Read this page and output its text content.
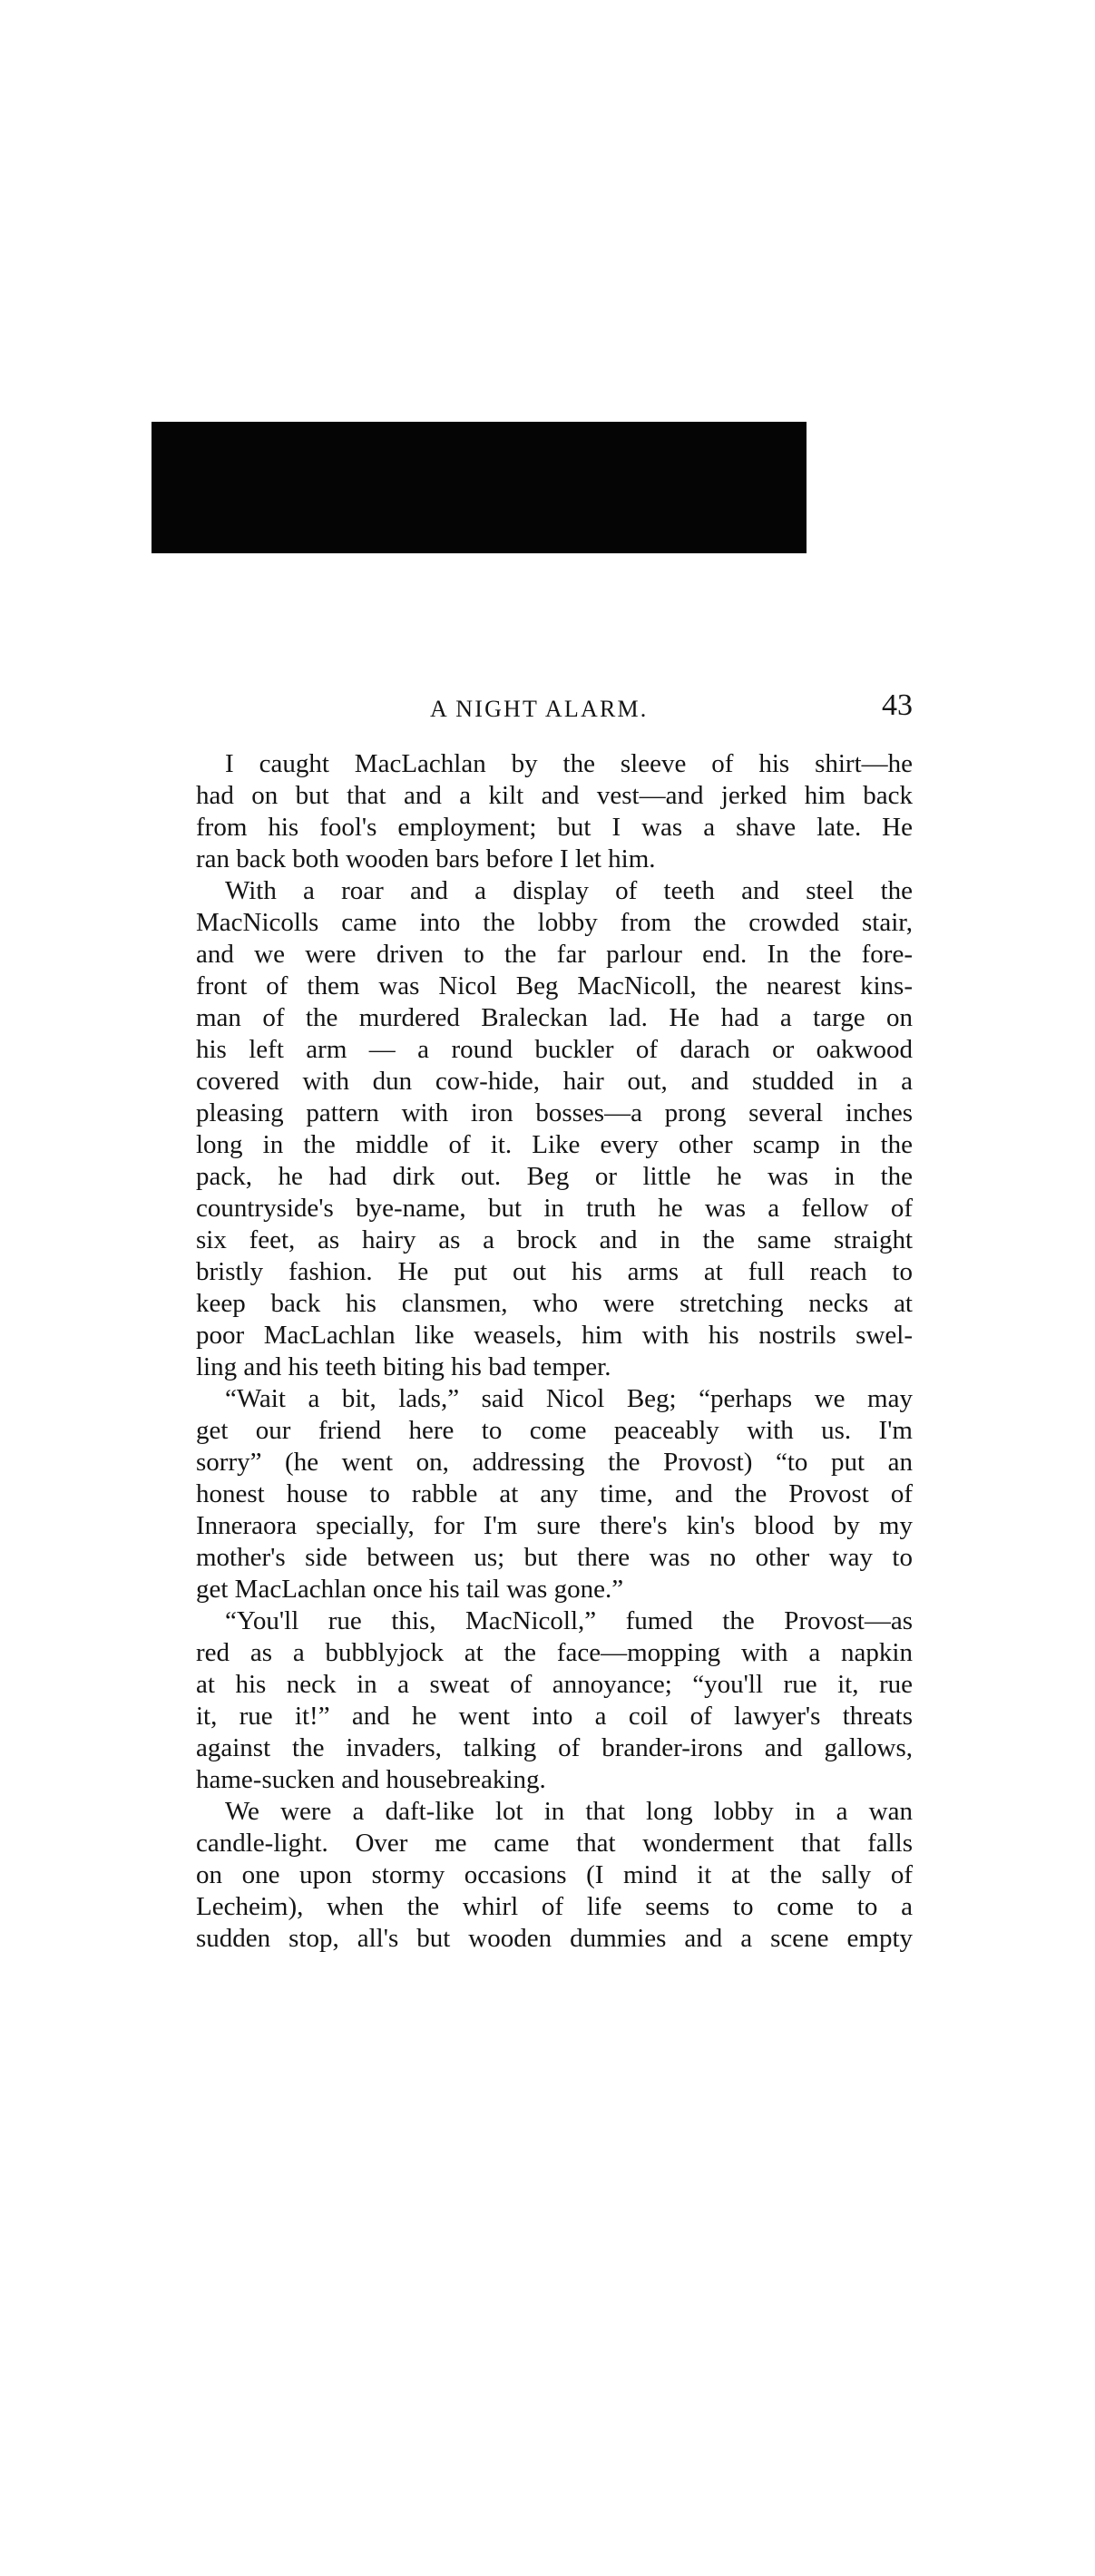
A NIGHT ALARM.	43

I caught MacLachlan by the sleeve of his shirt—he
had on but that and a kilt and vest—and jerked him back
from his fool's employment; but I was a shave late. He
ran back both wooden bars before I let him.

With a roar and a display of teeth and steel the
MacNicolls came into the lobby from the crowded stair,
and we were driven to the far parlour end. In the fore-
front of them was Nicol Beg MacNicoll, the nearest kins-
man of the murdered Braleckan lad. He had a targe on
his left arm — a round buckler of darach or oakwood
covered with dun cow-hide, hair out, and studded in a
pleasing pattern with iron bosses—a prong several inches
long in the middle of it. Like every other scamp in the
pack, he had dirk out. Beg or little he was in the
countryside's bye-name, but in truth he was a fellow of
six feet, as hairy as a brock and in the same straight
bristly fashion. He put out his arms at full reach to
keep back his clansmen, who were stretching necks at
poor MacLachlan like weasels, him with his nostrils swel-
ling and his teeth biting his bad temper.

“Wait a bit, lads,” said Nicol Beg; “perhaps we may
get our friend here to come peaceably with us. I'm
sorry” (he went on, addressing the Provost) “to put an
honest house to rabble at any time, and the Provost of
Inneraora specially, for I'm sure there's kin's blood by my
mother's side between us; but there was no other way to
get MacLachlan once his tail was gone.”

“You'll rue this, MacNicoll,” fumed the Provost—as
red as a bubblyjock at the face—mopping with a napkin
at his neck in a sweat of annoyance; “you'll rue it, rue
it, rue it!” and he went into a coil of lawyer's threats
against the invaders, talking of brander-irons and gallows,
hame-sucken and housebreaking.

We were a daft-like lot in that long lobby in a wan
candle-light. Over me came that wonderment that falls
on one upon stormy occasions (I mind it at the sally of
Lecheim), when the whirl of life seems to come to a
sudden stop, all's but wooden dummies and a scene empty
